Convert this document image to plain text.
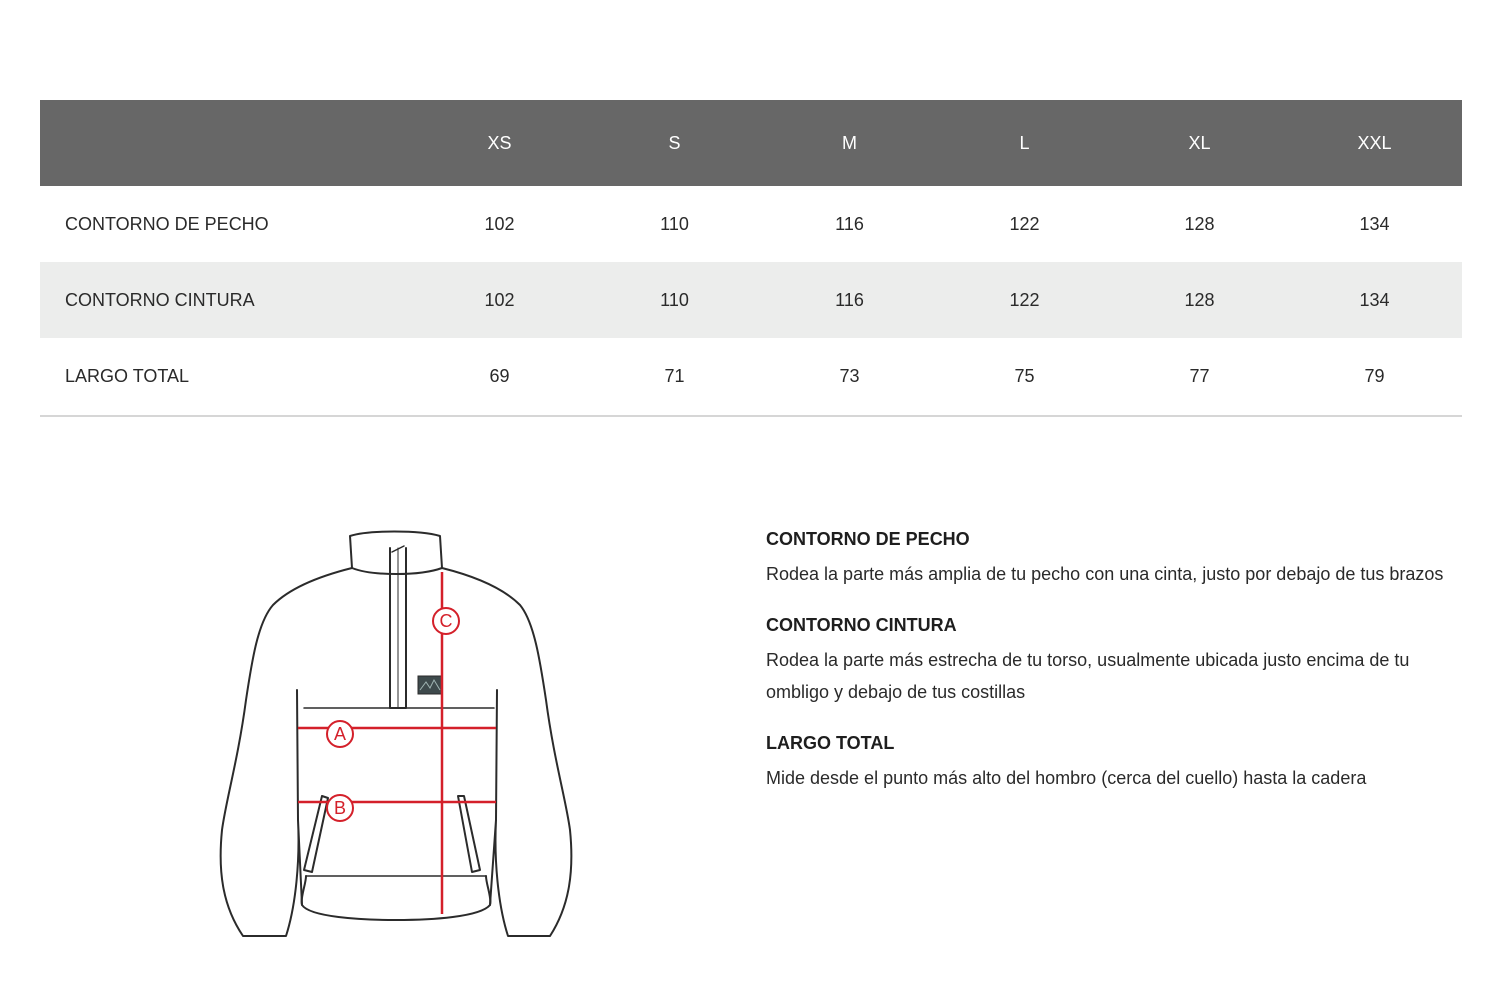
	XS	S	M	L	XL	XXL
CONTORNO DE PECHO	102	110	116	122	128	134
CONTORNO CINTURA	102	110	116	122	128	134
LARGO TOTAL	69	71	73	75	77	79
A
B
C

CONTORNO DE PECHO

Rodea la parte más amplia de tu pecho con una cinta, justo por debajo de tus brazos

CONTORNO CINTURA

Rodea la parte más estrecha de tu torso, usualmente ubicada justo encima de tu ombligo y debajo de tus costillas

LARGO TOTAL

Mide desde el punto más alto del hombro (cerca del cuello) hasta la cadera
